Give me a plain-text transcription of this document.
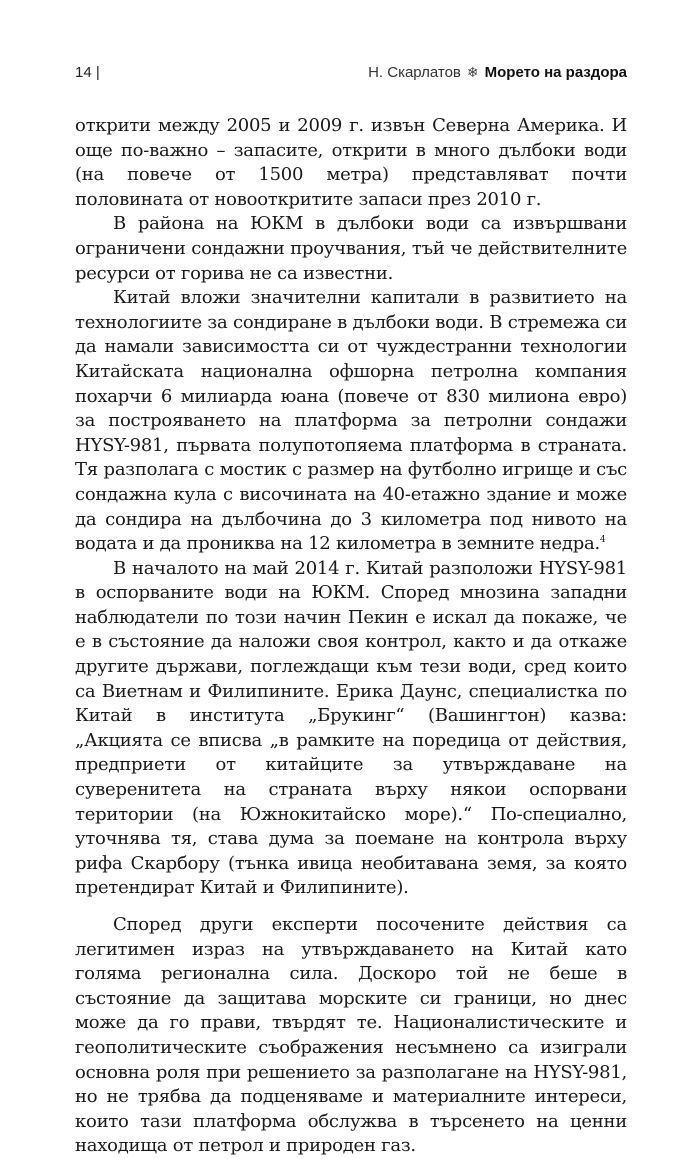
14 |	Н. Скарлатов ❄ Морето на раздора

открити между 2005 и 2009 г. извън Северна Америка. И още по-важно – запасите, открити в много дълбоки води (на повече от 1500 метра) представляват почти половината от новооткритите запаси през 2010 г.

В района на ЮКМ в дълбоки води са извършвани ограничени сондажни проучвания, тъй че действителните ресурси от горива не са известни.

Китай вложи значителни капитали в развитието на технологиите за сондиране в дълбоки води. В стремежа си да намали зависимостта си от чуждестранни технологии Китайската национална офшорна петролна компания похарчи 6 милиарда юана (повече от 830 милиона евро) за построяването на платформа за петролни сондажи HYSY-981, първата полупотопяема платформа в страната. Тя разполага с мостик с размер на футболно игрище и със сондажна кула с височината на 40-етажно здание и може да сондира на дълбочина до 3 километра под нивото на водата и да прониква на 12 километра в земните недра.$^4$

В началото на май 2014 г. Китай разположи HYSY-981 в оспорваните води на ЮКМ. Според мнозина западни наблюдатели по този начин Пекин е искал да покаже, че е в състояние да наложи своя контрол, както и да откаже другите държави, поглеждащи към тези води, сред които са Виетнам и Филипините. Ерика Даунс, специалистка по Китай в института „Брукинг“ (Вашингтон) казва: „Акцията се вписва „в рамките на поредица от действия, предприети от китайците за утвърждаване на суверенитета на страната върху някои оспорвани територии (на Южнокитайско море).“ По-специално, уточнява тя, става дума за поемане на контрола върху рифа Скарбору (тънка ивица необитавана земя, за която претендират Китай и Филипините).

Според други експерти посочените действия са легитимен израз на утвърждаването на Китай като голяма регионална сила. Доскоро той не беше в състояние да защитава морските си граници, но днес може да го прави, твърдят те. Националистическите и геополитическите съображения несъмнено са изиграли основна роля при решението за разполагане на HYSY-981, но не трябва да подценяваме и материалните интереси, които тази платформа обслужва в търсенето на ценни находища от петрол и природен газ.
